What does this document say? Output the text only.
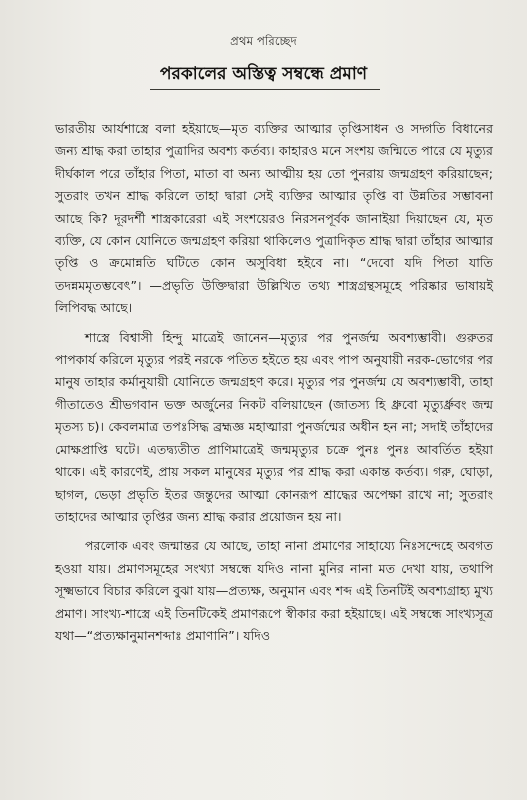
প্রথম পরিচ্ছেদ
পরকালের অস্তিত্ব সম্বন্ধে প্রমাণ

ভারতীয় আর্যশাস্ত্রে বলা হইয়াছে—মৃত ব্যক্তির আত্মার তৃপ্তিসাধন ও সদ্গতি বিধানের জন্য শ্রাদ্ধ করা তাহার পুত্রাদির অবশ্য কর্তব্য। কাহারও মনে সংশয় জন্মিতে পারে যে মৃত্যুর দীর্ঘকাল পরে তাঁহার পিতা, মাতা বা অন্য আত্মীয় হয় তো পুনরায় জন্মগ্রহণ করিয়াছেন; সুতরাং তখন শ্রাদ্ধ করিলে তাহা দ্বারা সেই ব্যক্তির আত্মার তৃপ্তি বা উন্নতির সম্ভাবনা আছে কি? দূরদর্শী শাস্ত্রকারেরা এই সংশয়েরও নিরসনপূর্বক জানাইয়া দিয়াছেন যে, মৃত ব্যক্তি, যে কোন যোনিতে জন্মগ্রহণ করিয়া থাকিলেও পুত্রাদিকৃত শ্রাদ্ধ দ্বারা তাঁহার আত্মার তৃপ্তি ও ক্রমোন্নতি ঘটিতে কোন অসুবিধা হইবে না। “দেবো যদি পিতা যাতি তদন্নমমৃতম্ভবেৎ”। —প্রভৃতি উক্তিদ্বারা উল্লিখিত তথ্য শাস্ত্রগ্রন্থসমূহে পরিষ্কার ভাষায়ই লিপিবদ্ধ আছে।

শাস্ত্রে বিশ্বাসী হিন্দু মাত্রেই জানেন—মৃত্যুর পর পুনর্জন্ম অবশ্যম্ভাবী। গুরুতর পাপকার্য করিলে মৃত্যুর পরই নরকে পতিত হইতে হয় এবং পাপ অনুযায়ী নরক-ভোগের পর মানুষ তাহার কর্মানুযায়ী যোনিতে জন্মগ্রহণ করে। মৃত্যুর পর পুনর্জন্ম যে অবশ্যম্ভাবী, তাহা গীতাতেও শ্রীভগবান ভক্ত অর্জুনের নিকট বলিয়াছেন (জাতস্য হি ধ্রুবো মৃত্যুর্ধ্রুবং জন্ম মৃতস্য চ)। কেবলমাত্র তপঃসিদ্ধ ব্রহ্মজ্ঞ মহাত্মারা পুনর্জন্মের অধীন হন না; সদাই তাঁহাদের মোক্ষপ্রাপ্তি ঘটে। এতদ্ব্যতীত প্রাণিমাত্রেই জন্মমৃত্যুর চক্রে পুনঃ পুনঃ আবর্তিত হইয়া থাকে। এই কারণেই, প্রায় সকল মানুষের মৃত্যুর পর শ্রাদ্ধ করা একান্ত কর্তব্য। গরু, ঘোড়া, ছাগল, ভেড়া প্রভৃতি ইতর জন্তুদের আত্মা কোনরূপ শ্রাদ্ধের অপেক্ষা রাখে না; সুতরাং তাহাদের আত্মার তৃপ্তির জন্য শ্রাদ্ধ করার প্রয়োজন হয় না।

পরলোক এবং জন্মান্তর যে আছে, তাহা নানা প্রমাণের সাহায্যে নিঃসন্দেহে অবগত হওয়া যায়। প্রমাণসমূহের সংখ্যা সম্বন্ধে যদিও নানা মুনির নানা মত দেখা যায়, তথাপি সূক্ষ্মভাবে বিচার করিলে বুঝা যায়—প্রত্যক্ষ, অনুমান এবং শব্দ এই তিনটিই অবশ্যগ্রাহ্য মুখ্য প্রমাণ। সাংখ্য-শাস্ত্রে এই তিনটিকেই প্রমাণরূপে স্বীকার করা হইয়াছে। এই সম্বন্ধে সাংখ্যসূত্র যথা—“প্রত্যক্ষানুমানশব্দাঃ প্রমাণানি”। যদিও
